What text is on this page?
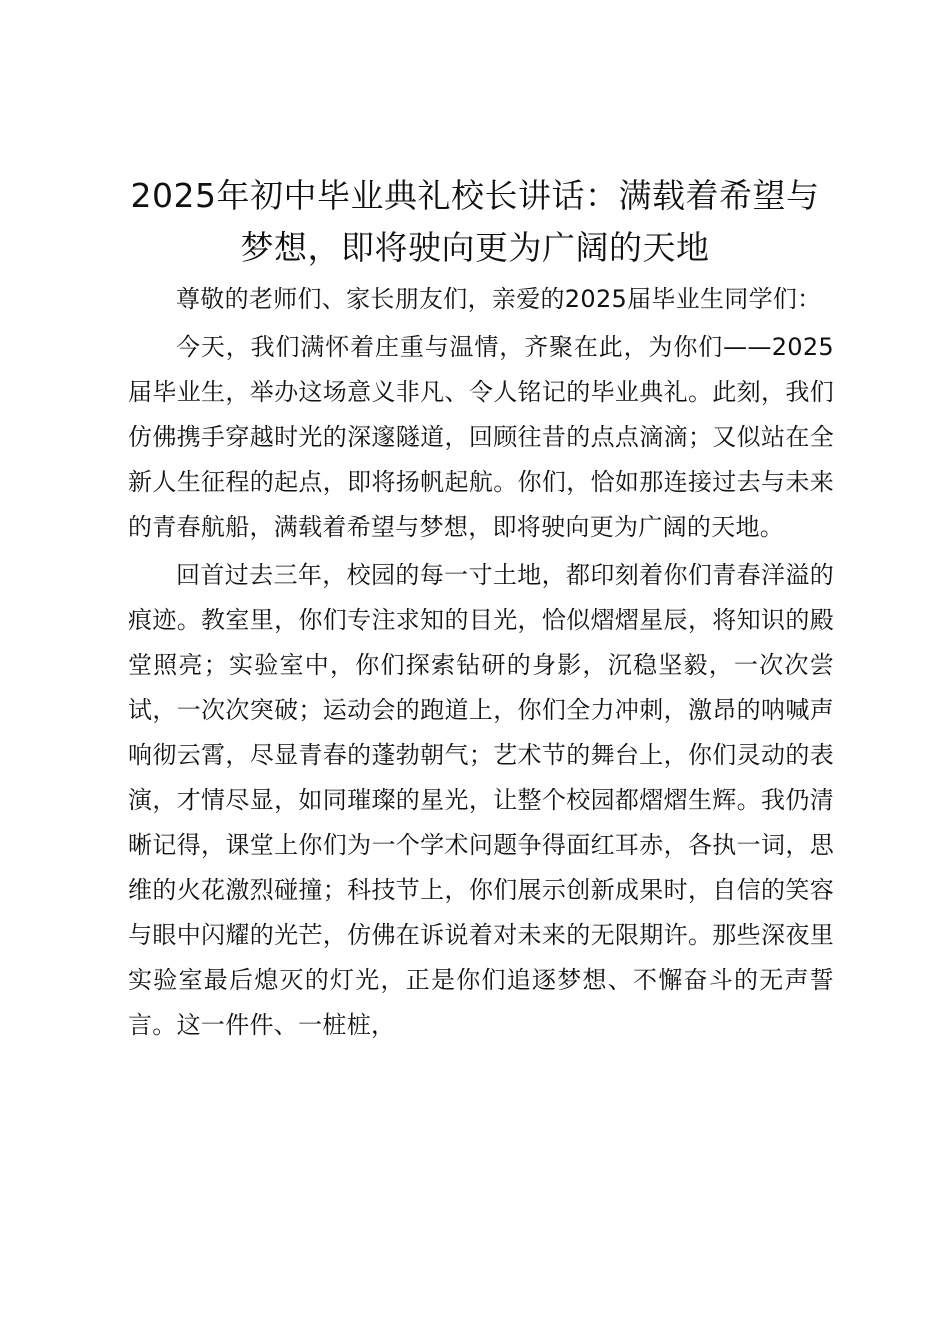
2025年初中毕业典礼校长讲话：满载着希望与梦想，即将驶向更为广阔的天地

尊敬的老师们、家长朋友们，亲爱的2025届毕业生同学们：

今天，我们满怀着庄重与温情，齐聚在此，为你们——2025届毕业生，举办这场意义非凡、令人铭记的毕业典礼。此刻，我们仿佛携手穿越时光的深邃隧道，回顾往昔的点点滴滴；又似站在全新人生征程的起点，即将扬帆起航。你们，恰如那连接过去与未来的青春航船，满载着希望与梦想，即将驶向更为广阔的天地。

回首过去三年，校园的每一寸土地，都印刻着你们青春洋溢的痕迹。教室里，你们专注求知的目光，恰似熠熠星辰，将知识的殿堂照亮；实验室中，你们探索钻研的身影，沉稳坚毅，一次次尝试，一次次突破；运动会的跑道上，你们全力冲刺，激昂的呐喊声响彻云霄，尽显青春的蓬勃朝气；艺术节的舞台上，你们灵动的表演，才情尽显，如同璀璨的星光，让整个校园都熠熠生辉。我仍清晰记得，课堂上你们为一个学术问题争得面红耳赤，各执一词，思维的火花激烈碰撞；科技节上，你们展示创新成果时，自信的笑容与眼中闪耀的光芒，仿佛在诉说着对未来的无限期许。那些深夜里实验室最后熄灭的灯光，正是你们追逐梦想、不懈奋斗的无声誓言。这一件件、一桩桩，
